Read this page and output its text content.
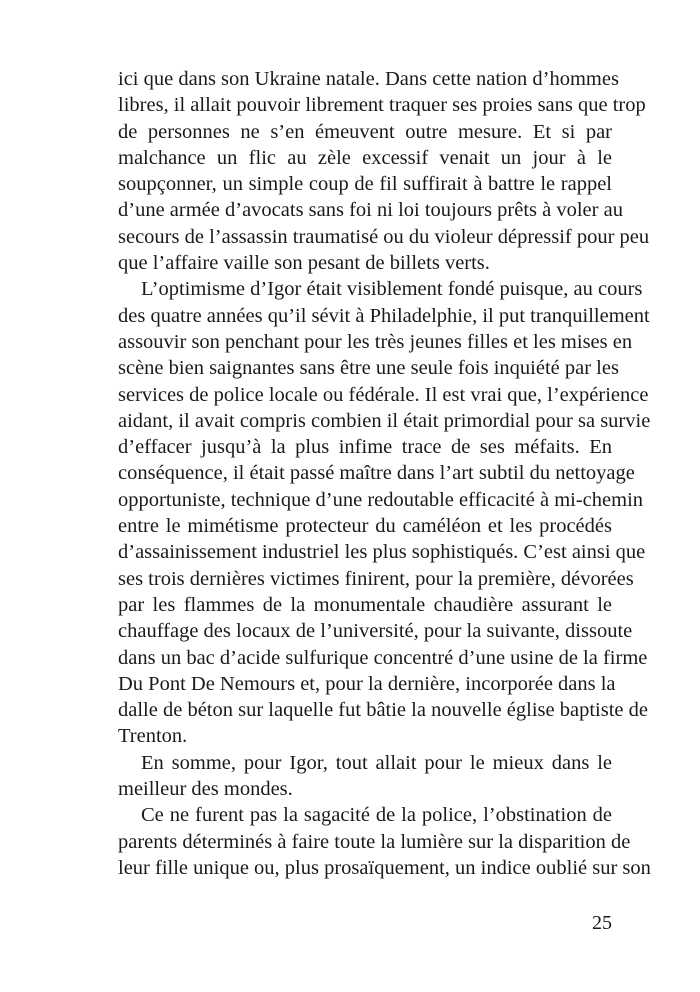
ici que dans son Ukraine natale. Dans cette nation d’hommes
libres, il allait pouvoir librement traquer ses proies sans que trop
de personnes ne s’en émeuvent outre mesure. Et si par
malchance un flic au zèle excessif venait un jour à le
soupçonner, un simple coup de fil suffirait à battre le rappel
d’une armée d’avocats sans foi ni loi toujours prêts à voler au
secours de l’assassin traumatisé ou du violeur dépressif pour peu
que l’affaire vaille son pesant de billets verts.
L’optimisme d’Igor était visiblement fondé puisque, au cours
des quatre années qu’il sévit à Philadelphie, il put tranquillement
assouvir son penchant pour les très jeunes filles et les mises en
scène bien saignantes sans être une seule fois inquiété par les
services de police locale ou fédérale. Il est vrai que, l’expérience
aidant, il avait compris combien il était primordial pour sa survie
d’effacer jusqu’à la plus infime trace de ses méfaits. En
conséquence, il était passé maître dans l’art subtil du nettoyage
opportuniste, technique d’une redoutable efficacité à mi-chemin
entre le mimétisme protecteur du caméléon et les procédés
d’assainissement industriel les plus sophistiqués. C’est ainsi que
ses trois dernières victimes finirent, pour la première, dévorées
par les flammes de la monumentale chaudière assurant le
chauffage des locaux de l’université, pour la suivante, dissoute
dans un bac d’acide sulfurique concentré d’une usine de la firme
Du Pont De Nemours et, pour la dernière, incorporée dans la
dalle de béton sur laquelle fut bâtie la nouvelle église baptiste de
Trenton.
En somme, pour Igor, tout allait pour le mieux dans le
meilleur des mondes.
Ce ne furent pas la sagacité de la police, l’obstination de
parents déterminés à faire toute la lumière sur la disparition de
leur fille unique ou, plus prosaïquement, un indice oublié sur son
25
